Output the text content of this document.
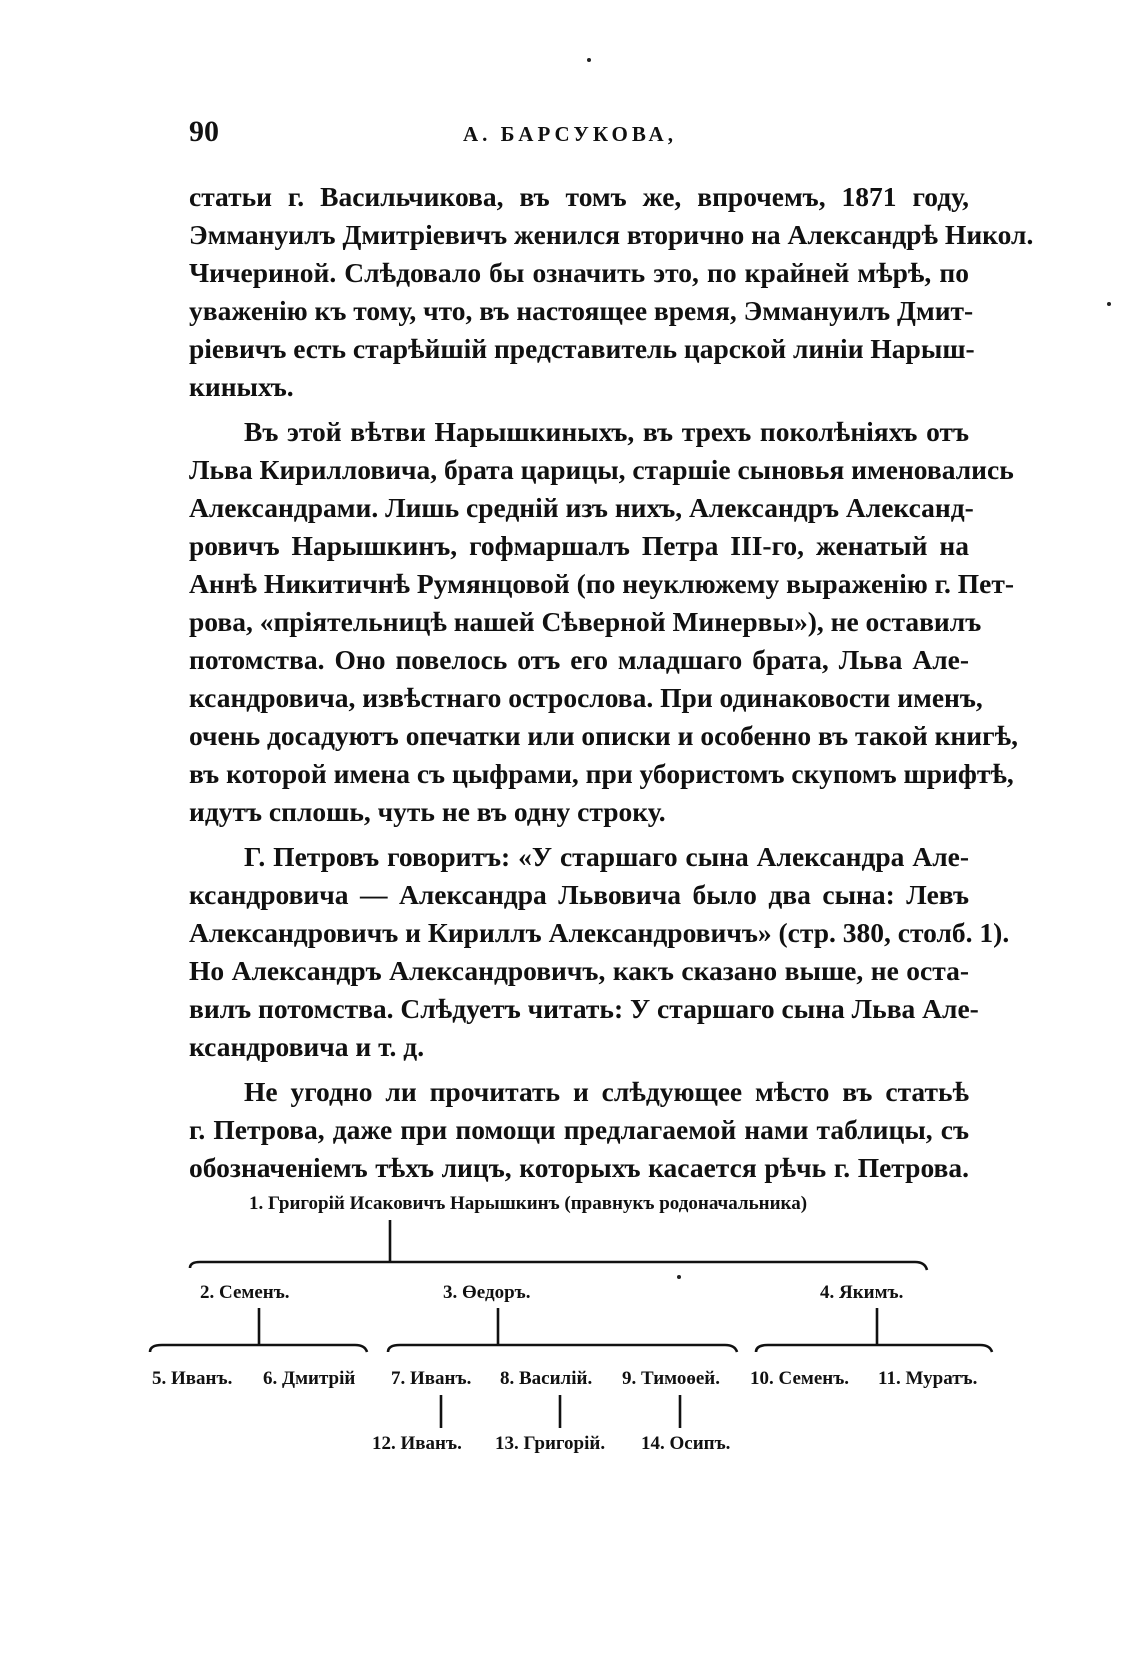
90	А. БАРСУКОВА,
статьи г. Васильчикова, въ томъ же, впрочемъ, 1871 году,
Эммануилъ Дмитріевичъ женился вторично на Александрѣ Никол.
Чичериной. Слѣдовало бы означить это, по крайней мѣрѣ, по
уваженію къ тому, что, въ настоящее время, Эммануилъ Дмит-
ріевичъ есть старѣйшій представитель царской линіи Нарыш-
киныхъ.
Въ этой вѣтви Нарышкиныхъ, въ трехъ поколѣніяхъ отъ
Льва Кирилловича, брата царицы, старшіе сыновья именовались
Александрами. Лишь средній изъ нихъ, Александръ Александ-
ровичъ Нарышкинъ, гофмаршалъ Петра III-го, женатый на
Аннѣ Никитичнѣ Румянцовой (по неуклюжему выраженію г. Пет-
рова, «пріятельницѣ нашей Сѣверной Минервы»), не оставилъ
потомства. Оно повелось отъ его младшаго брата, Льва Але-
ксандровича, извѣстнаго острослова. При одинаковости именъ,
очень досадуютъ опечатки или описки и особенно въ такой книгѣ,
въ которой имена съ цыфрами, при убористомъ скупомъ шрифтѣ,
идутъ сплошь, чуть не въ одну строку.
Г. Петровъ говоритъ: «У старшаго сына Александра Але-
ксандровича — Александра Львовича было два сына: Левъ
Александровичъ и Кириллъ Александровичъ» (стр. 380, столб. 1).
Но Александръ Александровичъ, какъ сказано выше, не оста-
вилъ потомства. Слѣдуетъ читать: У старшаго сына Льва Але-
ксандровича и т. д.
Не угодно ли прочитать и слѣдующее мѣсто въ статьѣ
г. Петрова, даже при помощи предлагаемой нами таблицы, съ
обозначеніемъ тѣхъ лицъ, которыхъ касается рѣчь г. Петрова.
1. Григорій Исаковичъ Нарышкинъ (правнукъ родоначальника)
2. Семенъ.	3. Өедоръ.	4. Якимъ.
5. Иванъ. 6. Дмитрій 7. Иванъ. 8. Василій. 9. Тимоөей. 10. Семенъ. 11. Муратъ.
12. Иванъ. 13. Григорій. 14. Осипъ.
